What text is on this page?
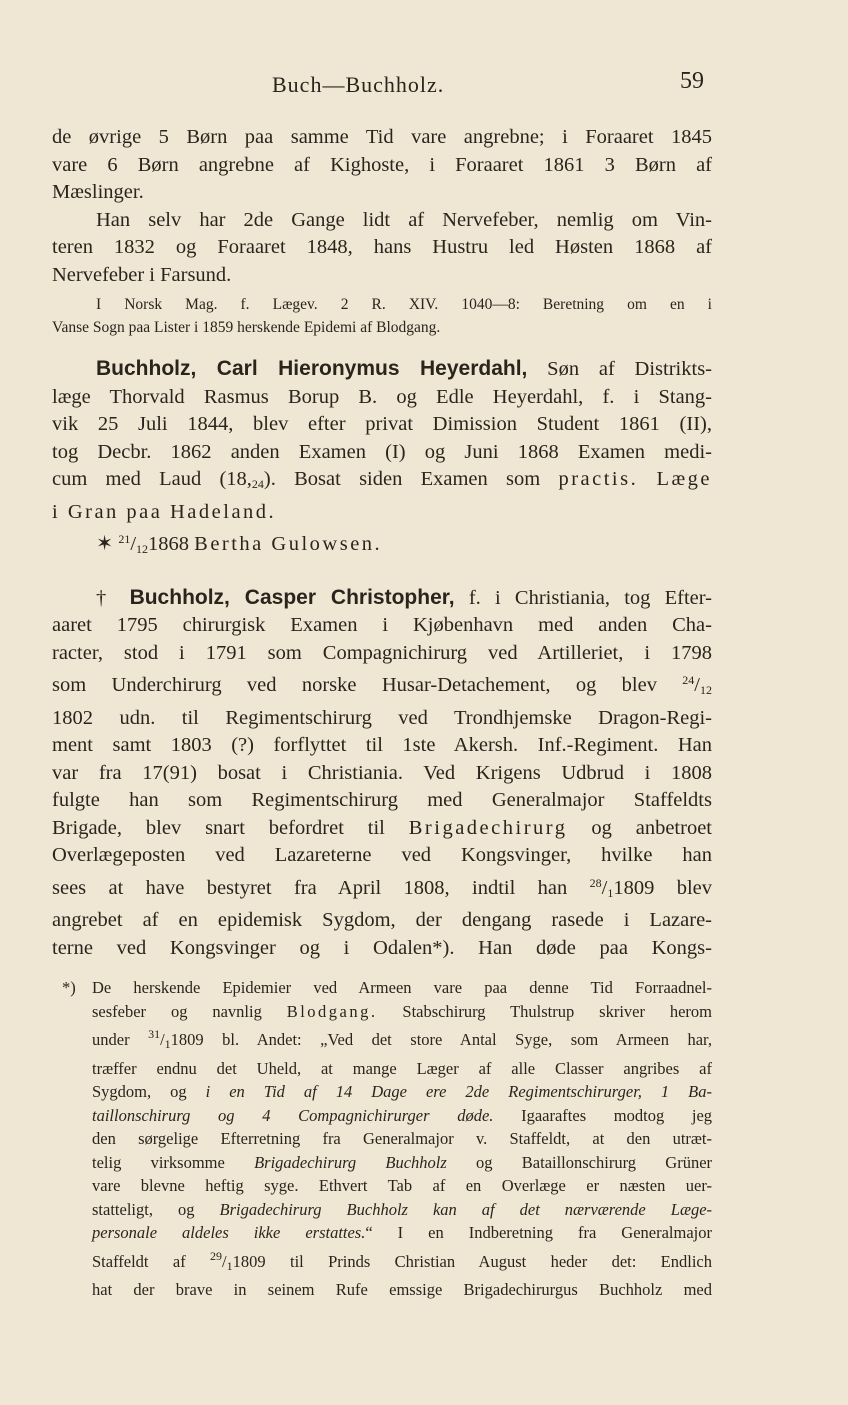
Buch—Buchholz.	59
de øvrige 5 Børn paa samme Tid vare angrebne; i Foraaret 1845
vare 6 Børn angrebne af Kighoste, i Foraaret 1861 3 Børn af
Mæslinger.
Han selv har 2de Gange lidt af Nervefeber, nemlig om Vin-
teren 1832 og Foraaret 1848, hans Hustru led Høsten 1868 af
Nervefeber i Farsund.
I Norsk Mag. f. Lægev. 2 R. XIV. 1040—8: Beretning om en i
Vanse Sogn paa Lister i 1859 herskende Epidemi af Blodgang.
Buchholz, Carl Hieronymus Heyerdahl, Søn af Distrikts-
læge Thorvald Rasmus Borup B. og Edle Heyerdahl, f. i Stang-
vik 25 Juli 1844, blev efter privat Dimission Student 1861 (II),
tog Decbr. 1862 anden Examen (I) og Juni 1868 Examen medi-
cum med Laud $(18,_{24})$. Bosat siden Examen som practis. Læge
i Gran paa Hadeland.
✶ $^{21}/_{12}1868$ Bertha Gulowsen.
† Buchholz, Casper Christopher, f. i Christiania, tog Efter-
aaret 1795 chirurgisk Examen i Kjøbenhavn med anden Cha-
racter, stod i 1791 som Compagnichirurg ved Artilleriet, i 1798
som Underchirurg ved norske Husar-Detachement, og blev $^{24}/_{12}$
1802 udn. til Regimentschirurg ved Trondhjemske Dragon-Regi-
ment samt 1803 (?) forflyttet til 1ste Akersh. Inf.-Regiment. Han
var fra 17(91) bosat i Christiania. Ved Krigens Udbrud i 1808
fulgte han som Regimentschirurg med Generalmajor Staffeldts
Brigade, blev snart befordret til Brigadechirurg og anbetroet
Overlægeposten ved Lazareterne ved Kongsvinger, hvilke han
sees at have bestyret fra April 1808, indtil han $^{28}/_11809$ blev
angrebet af en epidemisk Sygdom, der dengang rasede i Lazare-
terne ved Kongsvinger og i Odalen*). Han døde paa Kongs-
*) De herskende Epidemier ved Armeen vare paa denne Tid Forraadnel-
sesfeber og navnlig Blodgang. Stabschirurg Thulstrup skriver herom
under $^{31}/_11809$ bl. Andet: „Ved det store Antal Syge, som Armeen har,
træffer endnu det Uheld, at mange Læger af alle Classer angribes af
Sygdom, og i en Tid af 14 Dage ere 2de Regimentschirurger, 1 Ba-
taillonschirurg og 4 Compagnichirurger døde. Igaaraftes modtog jeg
den sørgelige Efterretning fra Generalmajor v. Staffeldt, at den utræt-
telig virksomme Brigadechirurg Buchholz og Bataillonschirurg Grüner
vare blevne heftig syge. Ethvert Tab af en Overlæge er næsten uer-
statteligt, og Brigadechirurg Buchholz kan af det nærværende Læge-
personale aldeles ikke erstattes.“ I en Indberetning fra Generalmajor
Staffeldt af $^{29}/_11809$ til Prinds Christian August heder det: Endlich
hat der brave in seinem Rufe emssige Brigadechirurgus Buchholz med
